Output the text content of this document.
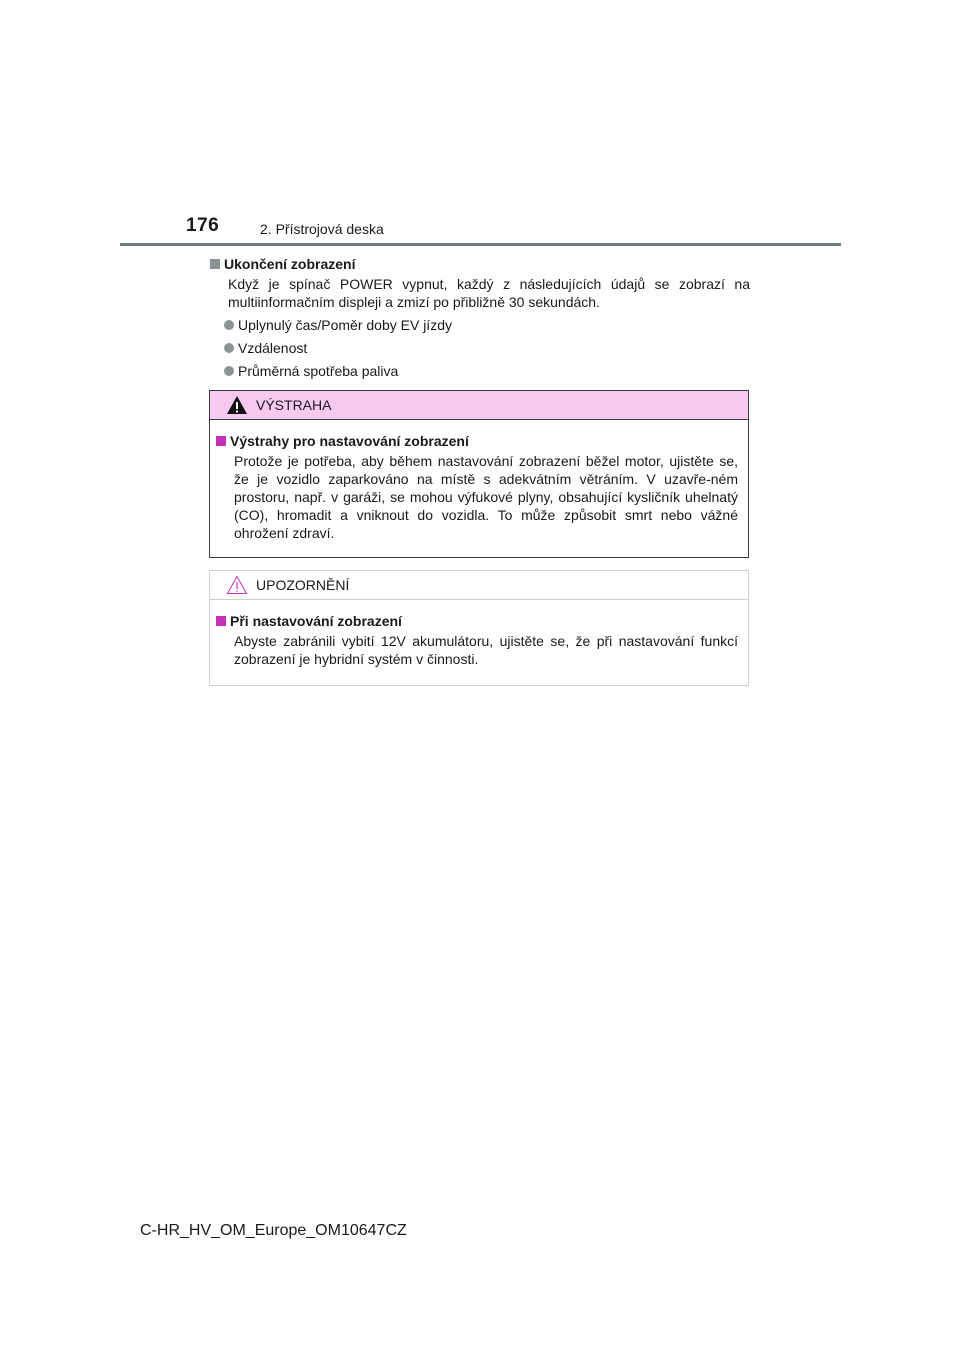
176	2. Přístrojová deska
Ukončení zobrazení
Když je spínač POWER vypnut, každý z následujících údajů se zobrazí na multiinformačním displeji a zmizí po přibližně 30 sekundách.
Uplynulý čas/Poměr doby EV jízdy
Vzdálenost
Průměrná spotřeba paliva
VÝSTRAHA
Výstrahy pro nastavování zobrazení
Protože je potřeba, aby během nastavování zobrazení běžel motor, ujistěte se, že je vozidlo zaparkováno na místě s adekvátním větráním. V uzavře-ném prostoru, např. v garáži, se mohou výfukové plyny, obsahující kysličník uhelnatý (CO), hromadit a vniknout do vozidla. To může způsobit smrt nebo vážné ohrožení zdraví.
UPOZORNĚNÍ
Při nastavování zobrazení
Abyste zabránili vybití 12V akumulátoru, ujistěte se, že při nastavování funkcí zobrazení je hybridní systém v činnosti.
C-HR_HV_OM_Europe_OM10647CZ
